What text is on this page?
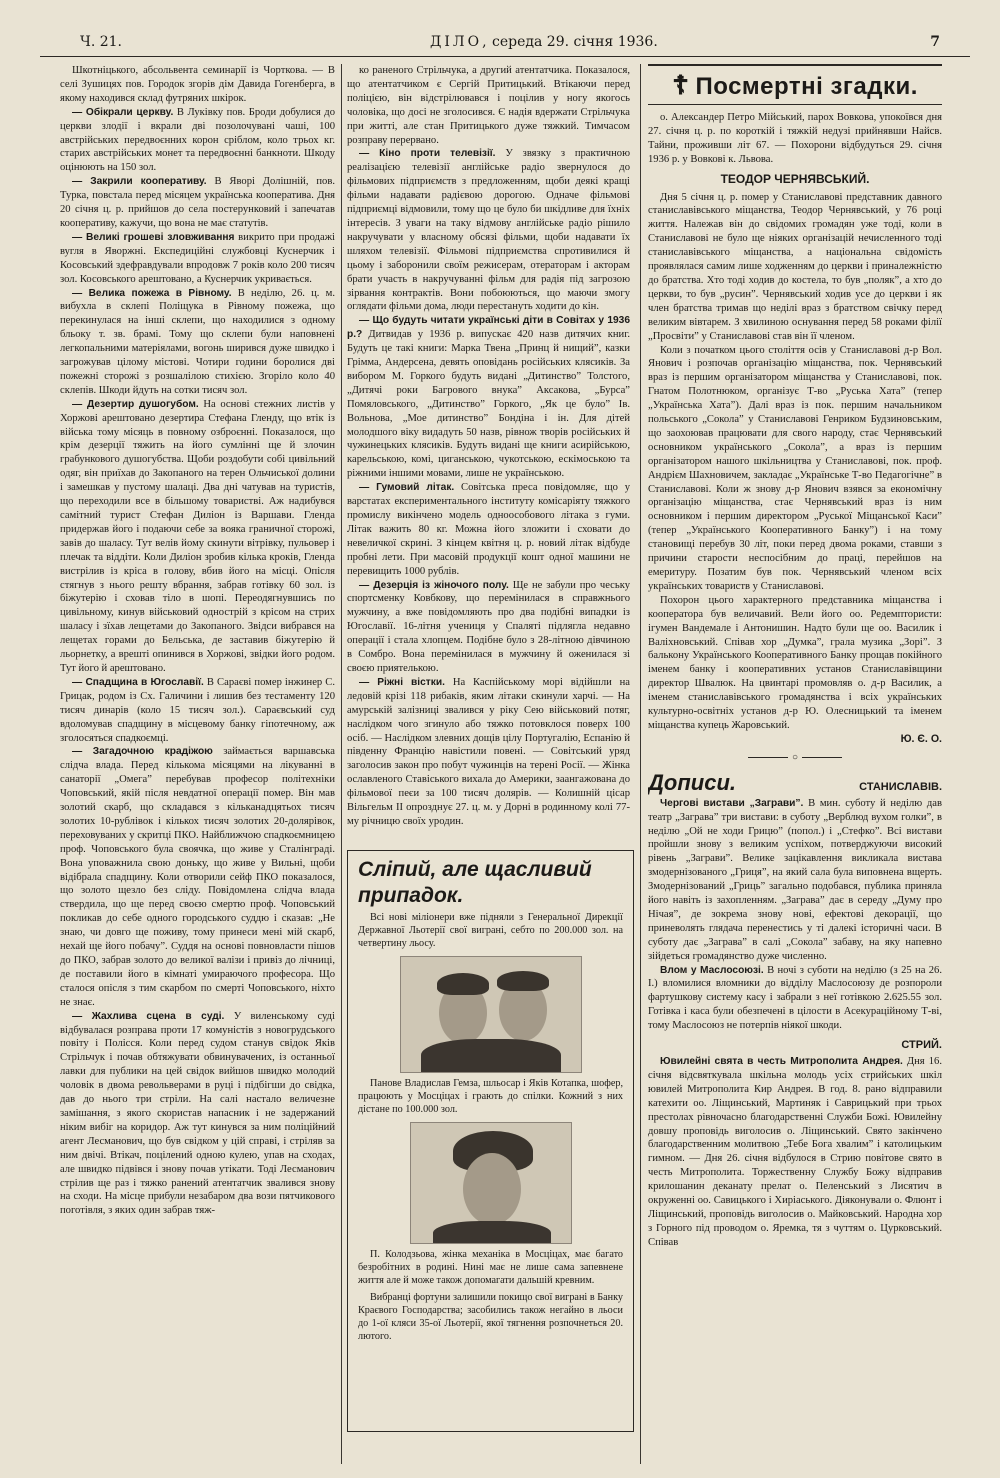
Ч. 21.	ДІЛО, середа 29. січня 1936.	7

Шкотніцького, абсольвента семинарії із Чорткова. — В селі Зушицях пов. Городок згорів дім Давида Гогенберга, в якому находився склад футряних шкірок.

— Обікрали церкву. В Луківку пов. Броди добулися до церкви злодії і вкрали дві позолочувані чаші, 100 австрійських передвоєнних корон сріблом, коло трьох кг. старих австрійських монет та передвоєнні банкноти. Шкоду оцінюють на 150 зол.

— Закрили кооперативу. В Яворі Долішній, пов. Турка, повстала перед місяцем українська кооператива. Дня 20 січня ц. р. прийшов до села постерунковий і запечатав кооперативу, кажучи, що вона не має статутів.

— Великі грошеві зловживання викрито при продажі вугля в Яворжні. Експедиційні службовці Куснерчик і Косовський здефравдували впродовж 7 років коло 200 тисяч зол. Косовського арештовано, а Куснерчик укривається.

— Велика пожежа в Рівному. В неділю, 26. ц. м. вибухла в склепі Поліщука в Рівному пожежа, що перекинулася на інші склепи, що находилися з одному бльоку т. зв. брамі. Тому що склепи були наповнені легкопальними матеріялами, вогонь ширився дуже швидко і загрожував цілому містові. Чотири години боролися дві пожежні сторожі з розшалілою стихією. Згоріло коло 40 склепів. Шкоди йдуть на сотки тисяч зол.

— Дезертир душогубом. На основі стежних листів у Хоржові арештовано дезертира Стефана Гленду, що втік із війська тому місяць в повному озброєнні. Показалося, що крім дезерції тяжить на його сумлінні ще й злочин грабункового душогубства. Щоби роздобути собі цивільний одяг, він приїхав до Закопаного на терен Ольчиської долини і замешкав у пустому шалаці. Два дні чатував на туристів, що переходили все в більшому товаристві. Аж надибувся самітний турист Стефан Диліон із Варшави. Гленда придержав його і подаючи себе за вояка граничної сторожі, завів до шаласу. Тут велів йому скинути вітрівку, пульовер і плечак та віддіти. Коли Диліон зробив кілька кроків, Гленда вистрілив із кріса в голову, вбив його на місці. Опісля стягнув з нього решту вбрання, забрав готівку 60 зол. із біжутерію і сховав тіло в шопі. Переодягнувшись по цивільному, кинув військовий однострій з крісом на стрих шаласу і зїхав лещетами до Закопаного. Звідси вибрався на лещетах горами до Бельська, де заставив біжутерію й льорнетку, а врешті опинився в Хоржові, звідки його родом. Тут його й арештовано.

— Спадщина в Югославії. В Сараєві помер інжинер С. Грицак, родом із Сх. Галичини і лишив без тестаменту 120 тисяч динарів (коло 15 тисяч зол.). Сараєвський суд вдоломував спадщину в місцевому банку гіпотечному, аж зголосяться спадкоємці.

— Загадочною крадіжою займається варшавська слідча влада. Перед кількома місяцями на лікуванні в санаторії „Омега” перебував професор політехніки Чоповський, якій після невдатної операції помер. Він мав золотий скарб, що складався з кільканадцятьох тисяч золотих 10-рублівок і кількох тисяч золотих 20-долярівок, переховуваних у скритці ПКО. Найближчою спадкоємницею проф. Чоповського була своячка, що живе у Сталінграді. Вона уповажнила свою доньку, що живе у Вильні, щоби відібрала спадщину. Коли отворили сейф ПКО показалося, що золото щезло без сліду. Повідомлена слідча влада ствердила, що ще перед своєю смертю проф. Чоповський покликав до себе одного городського суддю і сказав: „Не знаю, чи довго ще поживу, тому принеси мені мій скарб, нехай ще його побачу”. Суддя на основі повновласти пішов до ПКО, забрав золото до великої валізи і привіз до лічниці, де поставили його в кімнаті умираючого професора. Що сталося опісля з тим скарбом по смерті Чоповського, ніхто не знає.

— Жахлива сцена в суді. У виленському суді відбувалася розправа проти 17 комуністів з новогрудського повіту і Полісся. Коли перед судом станув свідок Яків Стрільчук і почав обтяжувати обвинувачених, із останньої лавки для публики на цей свідок вийшов швидко молодий чоловік в двома револьверами в руці і підбігши до свідка, дав до нього три стріли. На салі настало величезне замішання, з якого скористав напасник і не задержаний ніким вибіг на коридор. Аж тут кинувся за ним поліційний агент Лесманович, що був свідком у цій справі, і стріляв за ним двічі. Втікач, поцілений одною кулею, упав на сходах, але швидко підвівся і знову почав утікати. Тоді Лесманович стрілив ще раз і тяжко ранений атентатчик звалився знову на сходи. На місце прибули незабаром два вози пятчикового поготівля, з яких один забрав тяж-

ко раненого Стрільчука, а другий атентатчика. Показалося, що атентатчиком є Сергій Притицький. Втікаючи перед поліцією, він відстрілювався і поцілив у ногу якогось чоловіка, що досі не зголосився. Є надія вдержати Стрільчука при житті, але стан Притицького дуже тяжкий. Тимчасом розправу перервано.

— Кіно проти телевізії. У звязку з практичною реалізацією телевізії англійське радіо звернулося до фільмових підприємств з предложенням, щоби деякі кращі фільми надавати радієвою дорогою. Одначе фільмові підприємці відмовили, тому що це було би шкідливе для їхніх інтересів. З уваги на таку відмову англійське радіо рішило накручувати у власному обсязі фільми, щоби надавати їх шляхом телевізії. Фільмові підприємства спротивилися й цьому і заборонили своїм режисерам, отератoрам і акторам брати участь в накручуванні фільм для радія під загрозою зірвання контрактів. Вони побоюються, що маючи змогу оглядати фільми дома, люди перестануть ходити до кін.

— Що будуть читати українські діти в Совітах у 1936 р.? Дитвидав у 1936 р. випускає 420 назв дитячих книг. Будуть це такі книги: Марка Твена „Принц й нищий”, казки Грімма, Андерсена, девять оповідань російських клясиків. За вибором М. Горкого будуть видані „Дитинство” Толстого, „Дитячі роки Багрового внука” Аксакова, „Бурса” Помяловського, „Дитинство” Горкого, „Як це було” Ів. Вольнова, „Мое дитинство” Бондіна і ін. Для дітей молодшого віку видадуть 50 назв, рівнож творів російських й чужинецьких клясиків. Будуть видані ще книги асирійською, карельською, комі, циганською, чукотською, ескімоською та ріжними іншими мовами, лише не українською.

— Гумовий літак. Совітська преса повідомляє, що у варстатах експериментального інституту комісаріяту тяжкого промислу викінчено модель одноособового літака з гуми. Літак важить 80 кг. Можна його зложити і сховати до невеличкої скрині. З кінцем квітня ц. р. новий літак відбуде пробні лети. При масовій продукції кошт одної машини не перевищить 1000 рублів.

— Дезерція із жіночого полу. Ще не забули про чеську спортсменку Ковбкову, що перемінилася в справжнього мужчину, а вже повідомляють про два подібні випадки із Югославії. 16-літня учениця у Спаляті підлягла недавно операції і стала хлопцем. Подібне було з 28-літною дівчиною в Сомбро. Вона перемінилася в мужчину й оженилася зі своєю приятелькою.

— Ріжні вістки. На Каспійському морі відійшли на ледовій крізі 118 рибаків, яким літаки скинули харчі. — На амурській залізниці звалився у ріку Сею військовий потяг, наслідком чого згинуло або тяжко потовклося поверх 100 осіб. — Наслідком злевних дощів цілу Португалію, Еспанію й південну Францію навістили повені. — Совітський уряд заголосив закон про побут чужинців на терені Росії. — Жінка ославленого Ставіського вихала до Америки, заангажована до фільмової пеєи за 100 тисяч долярів. — Колишній цісар Вільгельм II опрозднує 27. ц. м. у Дорні в родинному колі 77-му річницю своїх уродин.

Сліпий, але щасливий припадок.

Всі нові міліонери вже підняли з Генеральної Дирекції Державної Льотерії свої виграні, себто по 200.000 зол. на четвертину льосу.

Панове Владислав Гемза, шльосар і Яків Котапка, шофер, працюють у Мосціцах і грають до спілки. Кожний з них дістане по 100.000 зол.

П. Колодзьова, жінка механіка в Мосціцах, має багато безробітних в родині. Нині має не лише сама запевнене життя але й може також допомагати дальшій кревним.

Вибранці фортуни залишили покищо свої виграні в Банку Краєвого Господарства; засобились також негайно в льоси до 1-ої кляси 35-ої Льотерії, якої тягнення розпочнеться 20. лютого.

☦ Посмертні згадки.

о. Александер Петро Мійський, парох Вовкова, упокоївся дня 27. січня ц. р. по короткій і тяжкій недузі прийнявши Найсв. Тайни, проживши літ 67. — Похорони відбудуться 29. січня 1936 р. у Вовкові к. Львова.

ТЕОДОР ЧЕРНЯВСЬКИЙ.

Дня 5 січня ц. р. помер у Станиславові представник давного станиславівського міщанства, Теодор Чернявський, у 76 році життя. Належав він до свідомих громадян уже тоді, коли в Станиславові не було ще ніяких організацій нечисленного тоді станиславівського міщанства, а національна свідомість проявлялася самим лише ходженням до церкви і приналежністю до братства. Хто тоді ходив до костела, то був „поляк”, а хто до церкви, то був „русин”. Чернявський ходив усе до церкви і як член братства тримав що неділі враз з братством свічку перед великим вівтарем. З хвилиною оснування перед 58 роками філії „Просвіти” у Станиславові став він її членом.

Коли з початком цього століття осів у Станиславові д-р Вол. Янович і розпочав організацію міщанства, пок. Чернявський враз із першим організатором міщанства у Станиславові, пок. Гнатом Полотнюком, організує Т-во „Руська Хата” (тепер „Українська Хата”). Далі враз із пок. першим начальником польського „Сокола” у Станиславові Генриком Будзиновським, що заохоював працювати для свого народу, стає Чернявський основником українського „Сокола”, а враз із першим організатором нашого шкільництва у Станиславові, пок. проф. Андрієм Шахновичем, закладає „Українське Т-во Педагогічне” в Станиславові. Коли ж знову д-р Янович взявся за економічну організацію міщанства, стає Чернявський враз із ним основником і першим директором „Руської Міщанської Каси” (тепер „Українського Кооперативного Банку”) і на тому становищі перебув 30 літ, поки перед двома роками, ставши з причини старости неспосібним до праці, перейшов на емеритуру. Позатим був пок. Чернявський членом всіх українських товариств у Станиславові.

Похорон цього характерного представника міщанства і кооператора був величавий. Вели його оо. Редемптористи: ігумен Вандемале і Антонишин. Надто були ще оо. Василик і Валіхновський. Співав хор „Думка”, грала музика „Зорі”. З бальконy Українського Кооперативного Банку прощав покійного іменем банку і кооперативних установ Станиславівщини директор Швалюк. На цвинтарі промовляв о. д-р Василик, а іменем станиславівського громадянства і всіх українських культурно-освітніх установ д-р Ю. Олесницький та іменем міщанства купець Жаровський.

Ю. Є. О.
○
Дописи.	СТАНИСЛАВІВ.

Чергові вистави „Заграви”. В мин. суботу й неділю дав театр „Заграва” три вистави: в суботу „Верблюд вухом голки”, в неділю „Ой не ходи Грицю” (попол.) і „Стефко”. Всі вистави пройшли знову з великим успіхом, потверджуючи високий рівень „Заграви”. Велике зацікавлення викликала вистава змодернізованого „Гриця”, на який сала була виповнена вщерть. Змодернізований „Гриць” загально подобався, публика приняла його навіть із захопленням. „Заграва” дає в середу „Думу про Нічая”, де зокрема знову нові, ефектові декорації, що приневолять глядача перенестись у ті далекі історичні часи. В суботу дає „Заграва” в салі „Сокола” забаву, на яку напевно зійдеться громадянство дуже численно.

Влом у Маслосоюзі. В ночі з суботи на неділю (з 25 на 26. І.) вломилися вломники до відділу Маслосоюзу де розпороли фартушкову систему касу і забрали з неї готівкою 2.625.55 зол. Готівка і каса були обезпечені в цілости в Асекураційному Т-ві, тому Маслосоюз не потерпів ніякої шкоди.

СТРИЙ.

Ювилейні свята в честь Митрополита Андрея. Дня 16. січня відсвяткувала шкільна молодь усіх стрийських шкіл ювилей Митрополита Кир Андрея. В год. 8. рано відправили катехити оо. Ліщинський, Мартиняк і Саврицький при трьох престолах рівночасно благодарственні Служби Божі. Ювилейну довшу проповідь виголосив о. Ліщинський. Свято закінчено благодарственним молитвою „Тебе Бога хвалим” і католицьким гимном. — Дня 26. січня відбулося в Стрию повітове свято в честь Митрополита. Торжественну Службу Божу відправив крилошанин деканату прелат о. Пеленський з Лисятич в окруженні оо. Савицького і Хиріаського. Діяконували о. Флюнт і Ліщинський, проповідь виголосив о. Майковський. Народна хор з Горного під проводом о. Яремка, тя з чуттям о. Цурковський. Співав
